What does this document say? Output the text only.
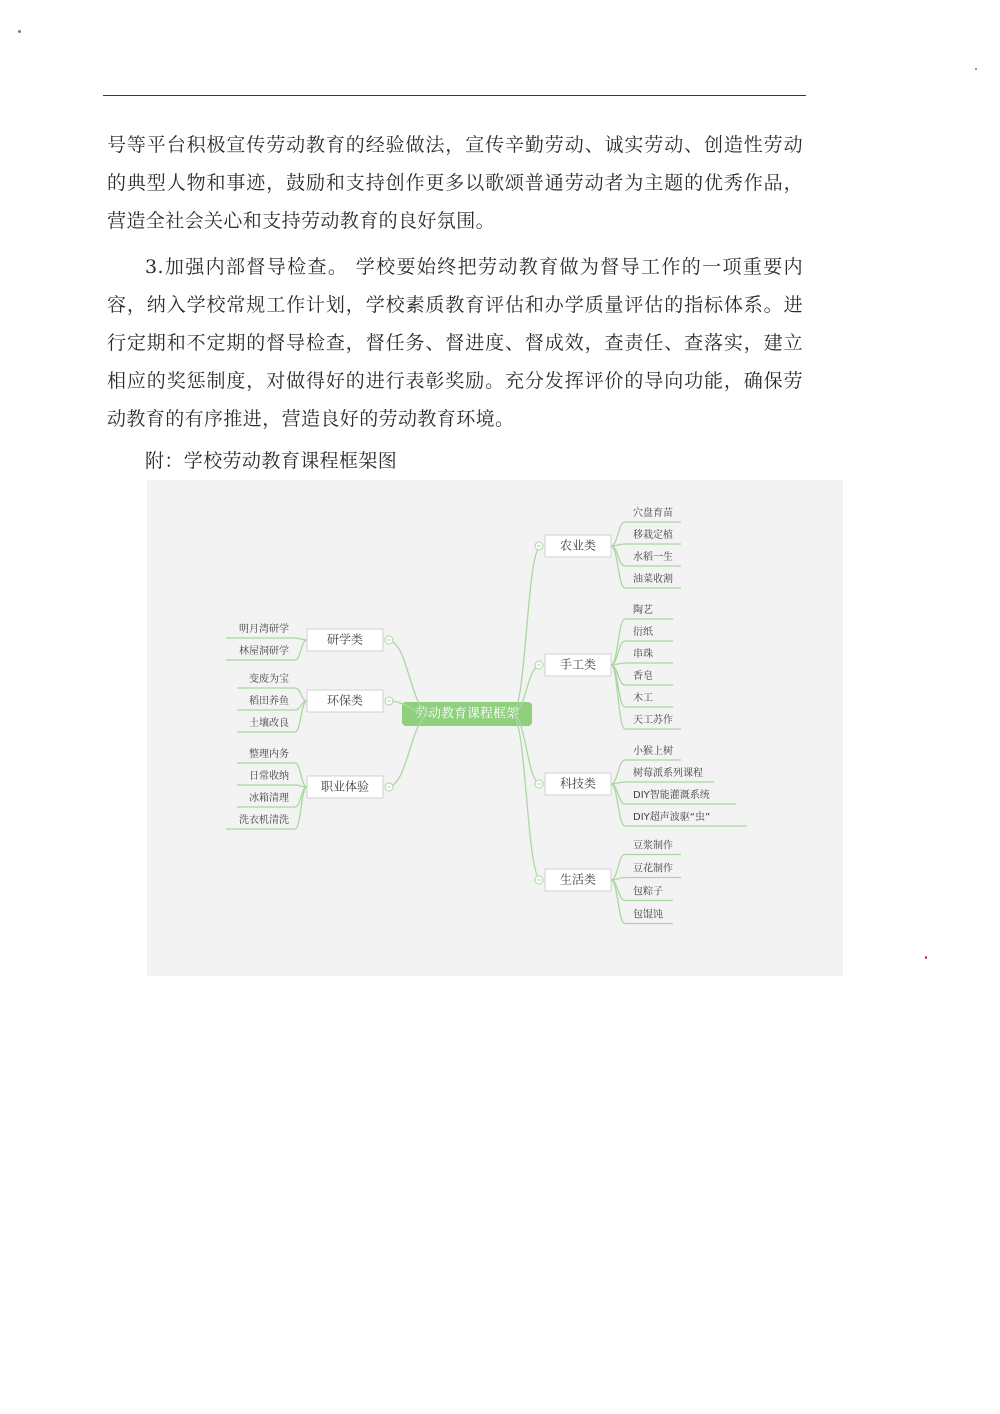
号等平台积极宣传劳动教育的经验做法，宣传辛勤劳动、诚实劳动、创造性劳动
的典型人物和事迹，鼓励和支持创作更多以歌颂普通劳动者为主题的优秀作品，
营造全社会关心和支持劳动教育的良好氛围。
3.加强内部督导检查。 学校要始终把劳动教育做为督导工作的一项重要内
容，纳入学校常规工作计划，学校素质教育评估和办学质量评估的指标体系。进
行定期和不定期的督导检查，督任务、督进度、督成效，查责任、查落实，建立
相应的奖惩制度，对做得好的进行表彰奖励。充分发挥评价的导向功能，确保劳
动教育的有序推进，营造良好的劳动教育环境。
附：学校劳动教育课程框架图
劳动教育课程框架
农业类
穴盘育苗
移栽定植
水稻一生
油菜收割
手工类
陶艺
衍纸
串珠
香皂
木工
天工苏作
科技类
小猴上树
树莓派系列课程
DIY智能灌溉系统
DIY超声波驱“虫”
生活类
豆浆制作
豆花制作
包粽子
包馄饨
研学类
明月湾研学
林屋洞研学
环保类
变废为宝
稻田养鱼
土壤改良
职业体验
整理内务
日常收纳
冰箱清理
洗衣机清洗
